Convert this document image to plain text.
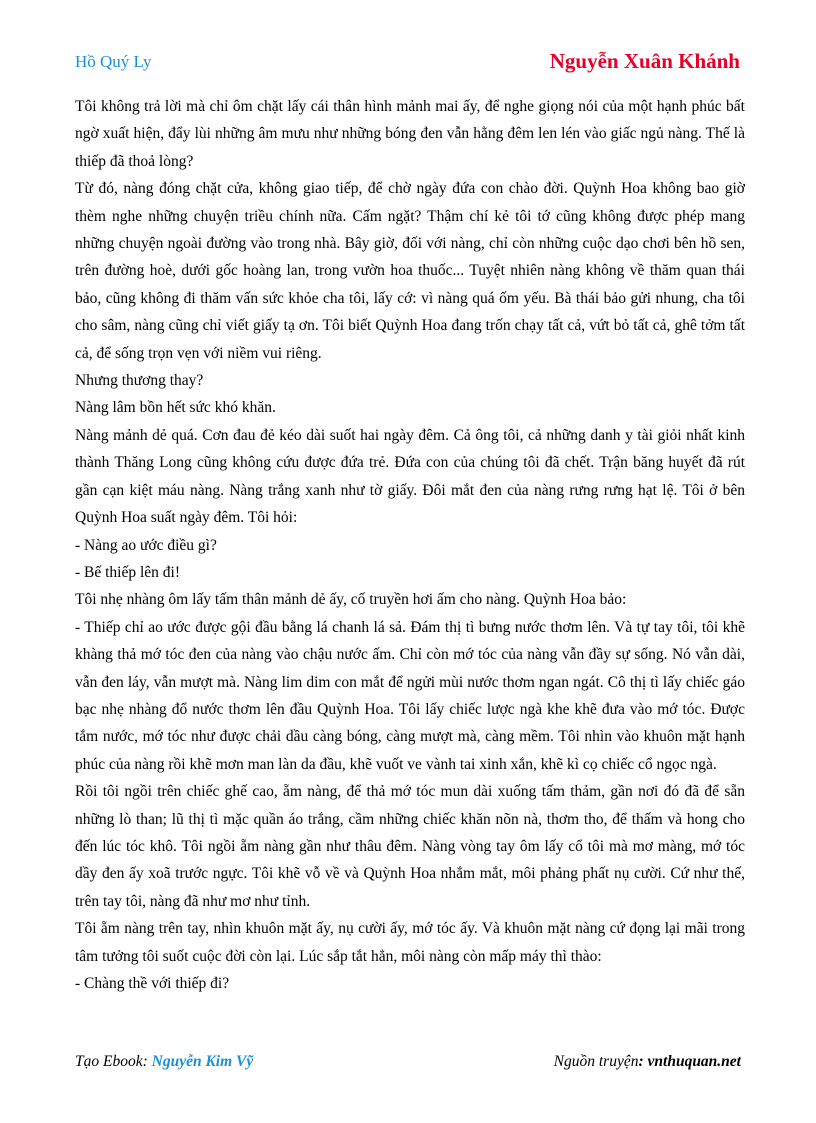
Hồ Quý Ly	Nguyễn Xuân Khánh

Tôi không trả lời mà chỉ ôm chặt lấy cái thân hình mảnh mai ấy, để nghe giọng nói của một hạnh phúc bất ngờ xuất hiện, đẩy lùi những âm mưu như những bóng đen vẫn hằng đêm len lén vào giấc ngủ nàng. Thế là thiếp đã thoả lòng?

Từ đó, nàng đóng chặt cửa, không giao tiếp, để chờ ngày đứa con chào đời. Quỳnh Hoa không bao giờ thèm nghe những chuyện triều chính nữa. Cấm ngặt? Thậm chí kẻ tôi tớ cũng không được phép mang những chuyện ngoài đường vào trong nhà. Bây giờ, đối với nàng, chỉ còn những cuộc dạo chơi bên hồ sen, trên đường hoè, dưới gốc hoàng lan, trong vườn hoa thuốc... Tuyệt nhiên nàng không về thăm quan thái bảo, cũng không đi thăm vấn sức khỏe cha tôi, lấy cớ: vì nàng quá ốm yếu. Bà thái bảo gửi nhung, cha tôi cho sâm, nàng cũng chỉ viết giấy tạ ơn. Tôi biết Quỳnh Hoa đang trốn chạy tất cả, vứt bỏ tất cả, ghê tởm tất cả, để sống trọn vẹn với niềm vui riêng.

Nhưng thương thay?

Nàng lâm bồn hết sức khó khăn.

Nàng mảnh dẻ quá. Cơn đau đẻ kéo dài suốt hai ngày đêm. Cả ông tôi, cả những danh y tài giỏi nhất kinh thành Thăng Long cũng không cứu được đứa trẻ. Đứa con của chúng tôi đã chết. Trận băng huyết đã rút gần cạn kiệt máu nàng. Nàng trắng xanh như tờ giấy. Đôi mắt đen của nàng rưng rưng hạt lệ. Tôi ở bên Quỳnh Hoa suất ngày đêm. Tôi hỏi:

- Nàng ao ước điều gì?

- Bế thiếp lên đi!

Tôi nhẹ nhàng ôm lấy tấm thân mảnh dẻ ấy, cố truyền hơi ấm cho nàng. Quỳnh Hoa bảo:

- Thiếp chỉ ao ước được gội đầu bằng lá chanh lá sả. Đám thị tì bưng nước thơm lên. Và tự tay tôi, tôi khẽ khàng thả mớ tóc đen của nàng vào chậu nước ấm. Chỉ còn mớ tóc của nàng vẫn đầy sự sống. Nó vẫn dài, vẫn đen láy, vẫn mượt mà. Nàng lim dim con mắt để ngửi mùi nước thơm ngan ngát. Cô thị tì lấy chiếc gáo bạc nhẹ nhàng đổ nước thơm lên đầu Quỳnh Hoa. Tôi lấy chiếc lược ngà khe khẽ đưa vào mớ tóc. Được tắm nước, mớ tóc như được chải dầu càng bóng, càng mượt mà, càng mềm. Tôi nhìn vào khuôn mặt hạnh phúc của nàng rồi khẽ mơn man làn da đầu, khẽ vuốt ve vành tai xinh xắn, khẽ kì cọ chiếc cổ ngọc ngà.

Rồi tôi ngồi trên chiếc ghế cao, ẵm nàng, để thả mớ tóc mun dài xuống tấm thảm, gần nơi đó đã để sẵn những lò than; lũ thị tì mặc quần áo trắng, cầm những chiếc khăn nõn nà, thơm tho, để thấm và hong cho đến lúc tóc khô. Tôi ngồi ẵm nàng gần như thâu đêm. Nàng vòng tay ôm lấy cổ tôi mà mơ màng, mớ tóc dầy đen ấy xoã trước ngực. Tôi khẽ vỗ về và Quỳnh Hoa nhắm mắt, môi phảng phất nụ cười. Cứ như thế, trên tay tôi, nàng đã như mơ như tỉnh.

Tôi ẵm nàng trên tay, nhìn khuôn mặt ấy, nụ cười ấy, mớ tóc ấy. Và khuôn mặt nàng cứ đọng lại mãi trong tâm tưởng tôi suốt cuộc đời còn lại. Lúc sắp tắt hẳn, môi nàng còn mấp máy thì thào:

- Chàng thề với thiếp đi?

Tạo Ebook: Nguyễn Kim Vỹ	Nguồn truyện: vnthuquan.net
